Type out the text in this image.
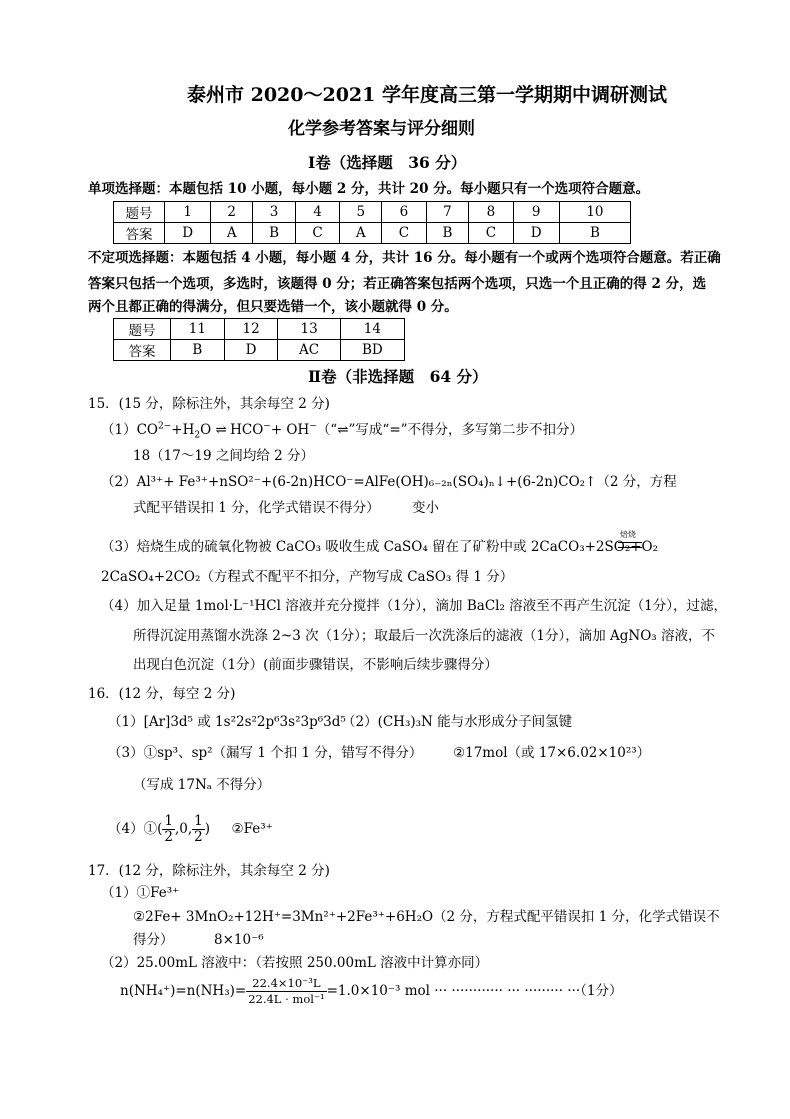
泰州市 2020～2021 学年度高三第一学期期中调研测试
化学参考答案与评分细则
Ⅰ卷（选择题　36 分）
单项选择题：本题包括 10 小题，每小题 2 分，共计 20 分。每小题只有一个选项符合题意。
题号	1	2	3	4	5	6	7	8	9	10
答案	D	A	B	C	A	C	B	C	D	B
不定项选择题：本题包括 4 小题，每小题 4 分，共计 16 分。每小题有一个或两个选项符合题意。若正确
答案只包括一个选项，多选时，该题得 0 分；若正确答案包括两个选项，只选一个且正确的得 2 分，选
两个且都正确的得满分，但只要选错一个，该小题就得 0 分。
题号	11	12	13	14
答案	B	D	AC	BD
Ⅱ卷（非选择题　64 分）
15．(15 分，除标注外，其余每空 2 分)
$(1)CO^{2-}+H_2O$ ⇌ HCO−+ OH−（“⇌”写成“=”不得分，多写第二步不扣分）
18（17～19 之间均给 2 分）
（2）Al³⁺+ Fe³⁺+nSO²⁻+(6-2n)HCO⁻=AlFe(OH)₆₋₂ₙ(SO₄)ₙ↓+(6-2n)CO₂↑（2 分，方程
式配平错误扣 1 分，化学式错误不得分） 变小
（3）焙烧生成的硫氧化物被 CaCO₃ 吸收生成 CaSO₄ 留在了矿粉中或 2CaCO₃+2SO₂+O₂
焙烧
2CaSO₄+2CO₂（方程式不配平不扣分，产物写成 CaSO₃ 得 1 分）
（4）加入足量 1mol·L⁻¹HCl 溶液并充分搅拌（1分），滴加 BaCl₂ 溶液至不再产生沉淀（1分），过滤，
所得沉淀用蒸馏水洗涤 2~3 次（1分）；取最后一次洗涤后的滤液（1分），滴加 AgNO₃ 溶液，不
出现白色沉淀（1分）(前面步骤错误，不影响后续步骤得分）
16．(12 分，每空 2 分)
（1）[Ar]3d⁵ 或 1s²2s²2p⁶3s²3p⁶3d⁵
（2）(CH₃)₃N 能与水形成分子间氢键
（3）①sp³、sp²（漏写 1 个扣 1 分，错写不得分） ②17mol（或 17×6.02×10²³）
（写成 17Nₐ 不得分）
（4）①( $\frac{1}{2} ,0$, $\frac{1}{2}$ )     ②Fe³⁺
17．(12 分，除标注外，其余每空 2 分)
（1）①Fe³⁺
②2Fe+ 3MnO₂+12H⁺=3Mn²⁺+2Fe³⁺+6H₂O（2 分，方程式配平错误扣 1 分，化学式错误不
得分）	8×10⁻⁶
（2）25.00mL 溶液中：（若按照 250.00mL 溶液中计算亦同）
$n(NH_4^+)=n(NH_3)= \frac{\text{22.4×10⁻³L}}{\text{22.4L · mol⁻¹}} =1.0\times 10^{-3}$ mol ··· ············ ··· ········· ···（1分）
